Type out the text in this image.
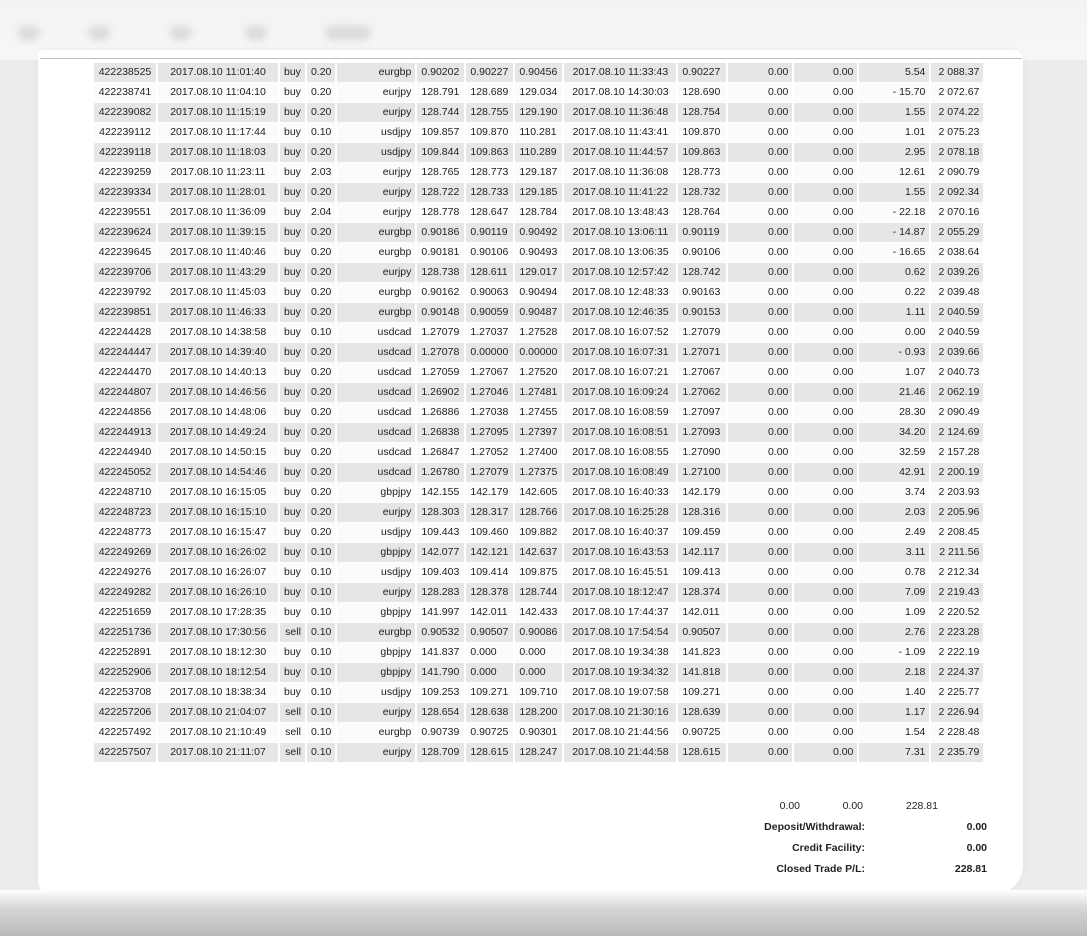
422238525	2017.08.10 11:01:40	buy	0.20	eurgbp	0.90202	0.90227	0.90456	2017.08.10 11:33:43	0.90227	0.00	0.00	5.54	2 088.37
422238741	2017.08.10 11:04:10	buy	0.20	eurjpy	128.791	128.689	129.034	2017.08.10 14:30:03	128.690	0.00	0.00	- 15.70	2 072.67
422239082	2017.08.10 11:15:19	buy	0.20	eurjpy	128.744	128.755	129.190	2017.08.10 11:36:48	128.754	0.00	0.00	1.55	2 074.22
422239112	2017.08.10 11:17:44	buy	0.10	usdjpy	109.857	109.870	110.281	2017.08.10 11:43:41	109.870	0.00	0.00	1.01	2 075.23
422239118	2017.08.10 11:18:03	buy	0.20	usdjpy	109.844	109.863	110.289	2017.08.10 11:44:57	109.863	0.00	0.00	2.95	2 078.18
422239259	2017.08.10 11:23:11	buy	2.03	eurjpy	128.765	128.773	129.187	2017.08.10 11:36:08	128.773	0.00	0.00	12.61	2 090.79
422239334	2017.08.10 11:28:01	buy	0.20	eurjpy	128.722	128.733	129.185	2017.08.10 11:41:22	128.732	0.00	0.00	1.55	2 092.34
422239551	2017.08.10 11:36:09	buy	2.04	eurjpy	128.778	128.647	128.784	2017.08.10 13:48:43	128.764	0.00	0.00	- 22.18	2 070.16
422239624	2017.08.10 11:39:15	buy	0.20	eurgbp	0.90186	0.90119	0.90492	2017.08.10 13:06:11	0.90119	0.00	0.00	- 14.87	2 055.29
422239645	2017.08.10 11:40:46	buy	0.20	eurgbp	0.90181	0.90106	0.90493	2017.08.10 13:06:35	0.90106	0.00	0.00	- 16.65	2 038.64
422239706	2017.08.10 11:43:29	buy	0.20	eurjpy	128.738	128.611	129.017	2017.08.10 12:57:42	128.742	0.00	0.00	0.62	2 039.26
422239792	2017.08.10 11:45:03	buy	0.20	eurgbp	0.90162	0.90063	0.90494	2017.08.10 12:48:33	0.90163	0.00	0.00	0.22	2 039.48
422239851	2017.08.10 11:46:33	buy	0.20	eurgbp	0.90148	0.90059	0.90487	2017.08.10 12:46:35	0.90153	0.00	0.00	1.11	2 040.59
422244428	2017.08.10 14:38:58	buy	0.10	usdcad	1.27079	1.27037	1.27528	2017.08.10 16:07:52	1.27079	0.00	0.00	0.00	2 040.59
422244447	2017.08.10 14:39:40	buy	0.20	usdcad	1.27078	0.00000	0.00000	2017.08.10 16:07:31	1.27071	0.00	0.00	- 0.93	2 039.66
422244470	2017.08.10 14:40:13	buy	0.20	usdcad	1.27059	1.27067	1.27520	2017.08.10 16:07:21	1.27067	0.00	0.00	1.07	2 040.73
422244807	2017.08.10 14:46:56	buy	0.20	usdcad	1.26902	1.27046	1.27481	2017.08.10 16:09:24	1.27062	0.00	0.00	21.46	2 062.19
422244856	2017.08.10 14:48:06	buy	0.20	usdcad	1.26886	1.27038	1.27455	2017.08.10 16:08:59	1.27097	0.00	0.00	28.30	2 090.49
422244913	2017.08.10 14:49:24	buy	0.20	usdcad	1.26838	1.27095	1.27397	2017.08.10 16:08:51	1.27093	0.00	0.00	34.20	2 124.69
422244940	2017.08.10 14:50:15	buy	0.20	usdcad	1.26847	1.27052	1.27400	2017.08.10 16:08:55	1.27090	0.00	0.00	32.59	2 157.28
422245052	2017.08.10 14:54:46	buy	0.20	usdcad	1.26780	1.27079	1.27375	2017.08.10 16:08:49	1.27100	0.00	0.00	42.91	2 200.19
422248710	2017.08.10 16:15:05	buy	0.20	gbpjpy	142.155	142.179	142.605	2017.08.10 16:40:33	142.179	0.00	0.00	3.74	2 203.93
422248723	2017.08.10 16:15:10	buy	0.20	eurjpy	128.303	128.317	128.766	2017.08.10 16:25:28	128.316	0.00	0.00	2.03	2 205.96
422248773	2017.08.10 16:15:47	buy	0.20	usdjpy	109.443	109.460	109.882	2017.08.10 16:40:37	109.459	0.00	0.00	2.49	2 208.45
422249269	2017.08.10 16:26:02	buy	0.10	gbpjpy	142.077	142.121	142.637	2017.08.10 16:43:53	142.117	0.00	0.00	3.11	2 211.56
422249276	2017.08.10 16:26:07	buy	0.10	usdjpy	109.403	109.414	109.875	2017.08.10 16:45:51	109.413	0.00	0.00	0.78	2 212.34
422249282	2017.08.10 16:26:10	buy	0.10	eurjpy	128.283	128.378	128.744	2017.08.10 18:12:47	128.374	0.00	0.00	7.09	2 219.43
422251659	2017.08.10 17:28:35	buy	0.10	gbpjpy	141.997	142.011	142.433	2017.08.10 17:44:37	142.011	0.00	0.00	1.09	2 220.52
422251736	2017.08.10 17:30:56	sell	0.10	eurgbp	0.90532	0.90507	0.90086	2017.08.10 17:54:54	0.90507	0.00	0.00	2.76	2 223.28
422252891	2017.08.10 18:12:30	buy	0.10	gbpjpy	141.837	0.000	0.000	2017.08.10 19:34:38	141.823	0.00	0.00	- 1.09	2 222.19
422252906	2017.08.10 18:12:54	buy	0.10	gbpjpy	141.790	0.000	0.000	2017.08.10 19:34:32	141.818	0.00	0.00	2.18	2 224.37
422253708	2017.08.10 18:38:34	buy	0.10	usdjpy	109.253	109.271	109.710	2017.08.10 19:07:58	109.271	0.00	0.00	1.40	2 225.77
422257206	2017.08.10 21:04:07	sell	0.10	eurjpy	128.654	128.638	128.200	2017.08.10 21:30:16	128.639	0.00	0.00	1.17	2 226.94
422257492	2017.08.10 21:10:49	sell	0.10	eurgbp	0.90739	0.90725	0.90301	2017.08.10 21:44:56	0.90725	0.00	0.00	1.54	2 228.48
422257507	2017.08.10 21:11:07	sell	0.10	eurjpy	128.709	128.615	128.247	2017.08.10 21:44:58	128.615	0.00	0.00	7.31	2 235.79
0.00	0.00	228.81
Deposit/Withdrawal:	0.00
Credit Facility:	0.00
Closed Trade P/L:	228.81
